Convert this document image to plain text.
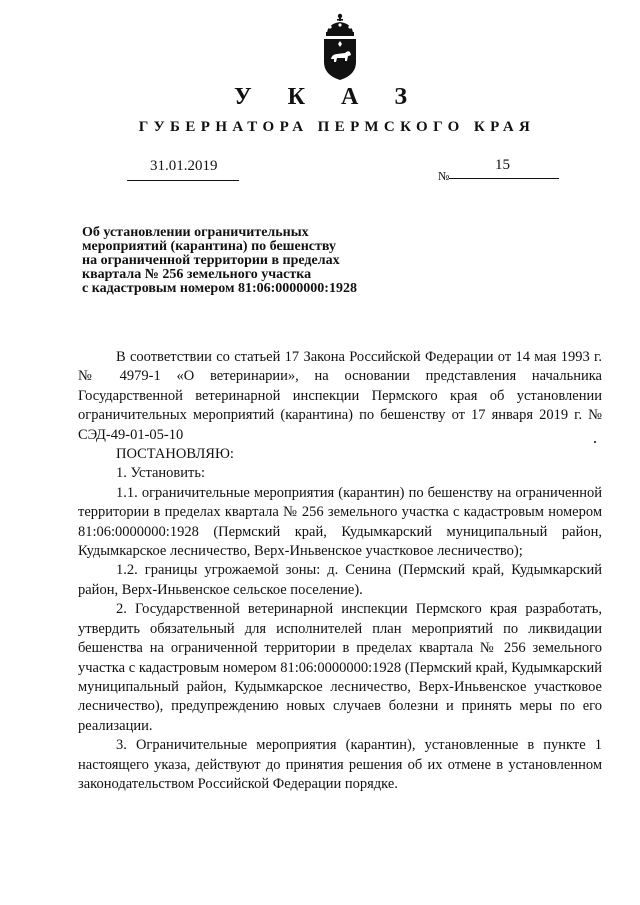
У К А З
ГУБЕРНАТОРА ПЕРМСКОГО КРАЯ
31.01.2019
№
15
Об установлении ограничительных
мероприятий (карантина) по бешенству
на ограниченной территории в пределах
квартала № 256 земельного участка
с кадастровым номером 81:06:0000000:1928

В соответствии со статьей 17 Закона Российской Федерации от 14 мая 1993 г. № 4979-1 «О ветеринарии», на основании представления начальника Государственной ветеринарной инспекции Пермского края об установлении ограничительных мероприятий (карантина) по бешенству от 17 января 2019 г. № СЭД-49-01-05-10

ПОСТАНОВЛЯЮ:

1. Установить:

1.1. ограничительные мероприятия (карантин) по бешенству на ограниченной территории в пределах квартала № 256 земельного участка с кадастровым номером 81:06:0000000:1928 (Пермский край, Кудымкарский муниципальный район, Кудымкарское лесничество, Верх-Иньвенское участковое лесничество);

1.2. границы угрожаемой зоны: д. Сенина (Пермский край, Кудымкарский район, Верх-Иньвенское сельское поселение).

2. Государственной ветеринарной инспекции Пермского края разработать, утвердить обязательный для исполнителей план мероприятий по ликвидации бешенства на ограниченной территории в пределах квартала № 256 земельного участка с кадастровым номером 81:06:0000000:1928 (Пермский край, Кудымкарский муниципальный район, Кудымкарское лесничество, Верх-Иньвенское участковое лесничество), предупреждению новых случаев болезни и принять меры по его реализации.

3. Ограничительные мероприятия (карантин), установленные в пункте 1 настоящего указа, действуют до принятия решения об их отмене в установленном законодательством Российской Федерации порядке.
